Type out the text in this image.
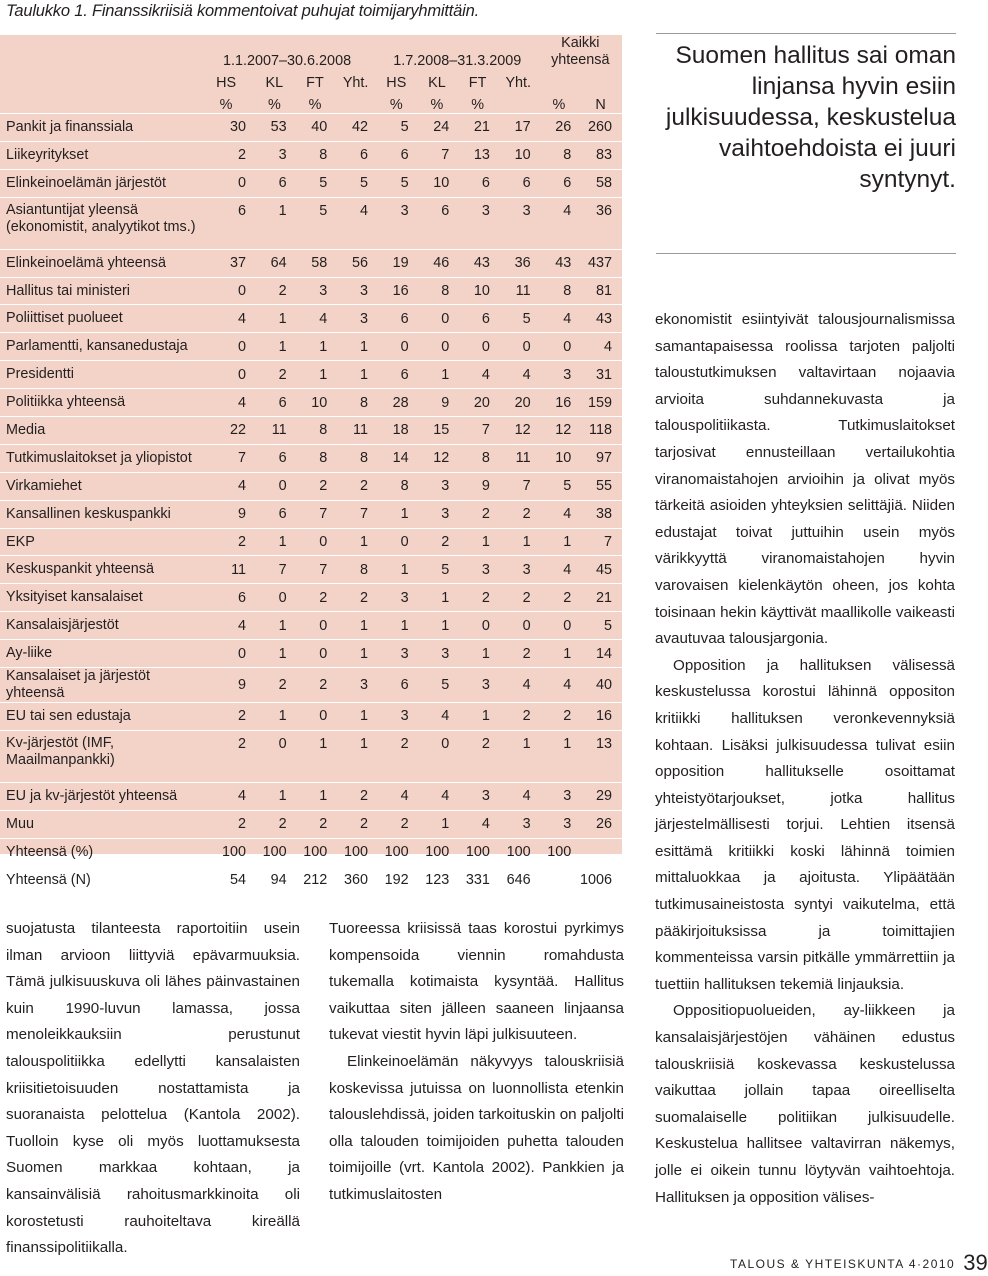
Taulukko 1. Finanssikriisiä kommentoivat puhujat toimijaryhmittäin.
	1.1.2007–30.6.2008				1.7.2008–31.3.2009				Kaikki yhteensä	
	HS	KL	FT	Yht.	HS	KL	FT	Yht.		
	%	%	%		%	%	%		%	N
Pankit ja finanssiala	30	53	40	42	5	24	21	17	26	260
Liikeyritykset	2	3	8	6	6	7	13	10	8	83
Elinkeinoelämän järjestöt	0	6	5	5	5	10	6	6	6	58
Asiantuntijat yleensä (ekonomistit, analyytikot tms.)	6	1	5	4	3	6	3	3	4	36
Elinkeinoelämä yhteensä	37	64	58	56	19	46	43	36	43	437
Hallitus tai ministeri	0	2	3	3	16	8	10	11	8	81
Poliittiset puolueet	4	1	4	3	6	0	6	5	4	43
Parlamentti, kansanedustaja	0	1	1	1	0	0	0	0	0	4
Presidentti	0	2	1	1	6	1	4	4	3	31
Politiikka yhteensä	4	6	10	8	28	9	20	20	16	159
Media	22	11	8	11	18	15	7	12	12	118
Tutkimuslaitokset ja yliopistot	7	6	8	8	14	12	8	11	10	97
Virkamiehet	4	0	2	2	8	3	9	7	5	55
Kansallinen keskuspankki	9	6	7	7	1	3	2	2	4	38
EKP	2	1	0	1	0	2	1	1	1	7
Keskuspankit yhteensä	11	7	7	8	1	5	3	3	4	45
Yksityiset kansalaiset	6	0	2	2	3	1	2	2	2	21
Kansalaisjärjestöt	4	1	0	1	1	1	0	0	0	5
Ay-liike	0	1	0	1	3	3	1	2	1	14
Kansalaiset ja järjestöt yhteensä	9	2	2	3	6	5	3	4	4	40
EU tai sen edustaja	2	1	0	1	3	4	1	2	2	16
Kv-järjestöt (IMF, Maailmanpankki)	2	0	1	1	2	0	2	1	1	13
EU ja kv-järjestöt yhteensä	4	1	1	2	4	4	3	4	3	29
Muu	2	2	2	2	2	1	4	3	3	26
Yhteensä (%)	100	100	100	100	100	100	100	100	100	
Yhteensä (N)	54	94	212	360	192	123	331	646		1006
Suomen hallitus sai oman linjansa hyvin esiin julkisuudessa, keskustelua vaihtoehdoista ei juuri syntynyt.

suojatusta tilanteesta raportoitiin usein ilman arvioon liittyviä epävarmuuksia. Tämä julkisuuskuva oli lähes päinvastainen kuin 1990-luvun lamassa, jossa menoleikkauksiin perustunut talouspolitiikka edellytti kansalaisten kriisitietoisuuden nostattamista ja suoranaista pelottelua (Kantola 2002). Tuolloin kyse oli myös luottamuksesta Suomen markkaa kohtaan, ja kansainvälisiä rahoitusmarkkinoita oli korostetusti rauhoiteltava kireällä finanssipolitiikalla.

Tuoreessa kriisissä taas korostui pyrkimys kompensoida viennin romahdusta tukemalla kotimaista kysyntää. Hallitus vaikuttaa siten jälleen saaneen linjaansa tukevat viestit hyvin läpi julkisuuteen.

Elinkeinoelämän näkyvyys talouskriisiä koskevissa jutuissa on luonnollista etenkin talouslehdissä, joiden tarkoituskin on paljolti olla talouden toimijoiden puhetta talouden toimijoille (vrt. Kantola 2002). Pankkien ja tutkimuslaitosten

ekonomistit esiintyivät talousjournalismissa samantapaisessa roolissa tarjoten paljolti taloustutkimuksen valtavirtaan nojaavia arvioita suhdannekuvasta ja talouspolitiikasta. Tutkimuslaitokset tarjosivat ennusteillaan vertailukohtia viranomaistahojen arvioihin ja olivat myös tärkeitä asioiden yhteyksien selittäjiä. Niiden edustajat toivat juttuihin usein myös värikkyyttä viranomaistahojen hyvin varovaisen kielenkäytön oheen, jos kohta toisinaan hekin käyttivät maallikolle vaikeasti avautuvaa talousjargonia.

Opposition ja hallituksen välisessä keskustelussa korostui lähinnä oppositon kritiikki hallituksen veronkevennyksiä kohtaan. Lisäksi julkisuudessa tulivat esiin opposition hallitukselle osoittamat yhteistyötarjoukset, jotka hallitus järjestelmällisesti torjui. Lehtien itsensä esittämä kritiikki koski lähinnä toimien mittaluokkaa ja ajoitusta. Ylipäätään tutkimusaineistosta syntyi vaikutelma, että pääkirjoituksissa ja toimittajien kommenteissa varsin pitkälle ymmärrettiin ja tuettiin hallituksen tekemiä linjauksia.

Oppositiopuolueiden, ay-liikkeen ja kansalaisjärjestöjen vähäinen edustus talouskriisiä koskevassa keskustelussa vaikuttaa jollain tapaa oireelliselta suomalaiselle politiikan julkisuudelle. Keskustelua hallitsee valtavirran näkemys, jolle ei oikein tunnu löytyvän vaihtoehtoja. Hallituksen ja opposition välises-

TALOUS & YHTEISKUNTA 4·2010 39
